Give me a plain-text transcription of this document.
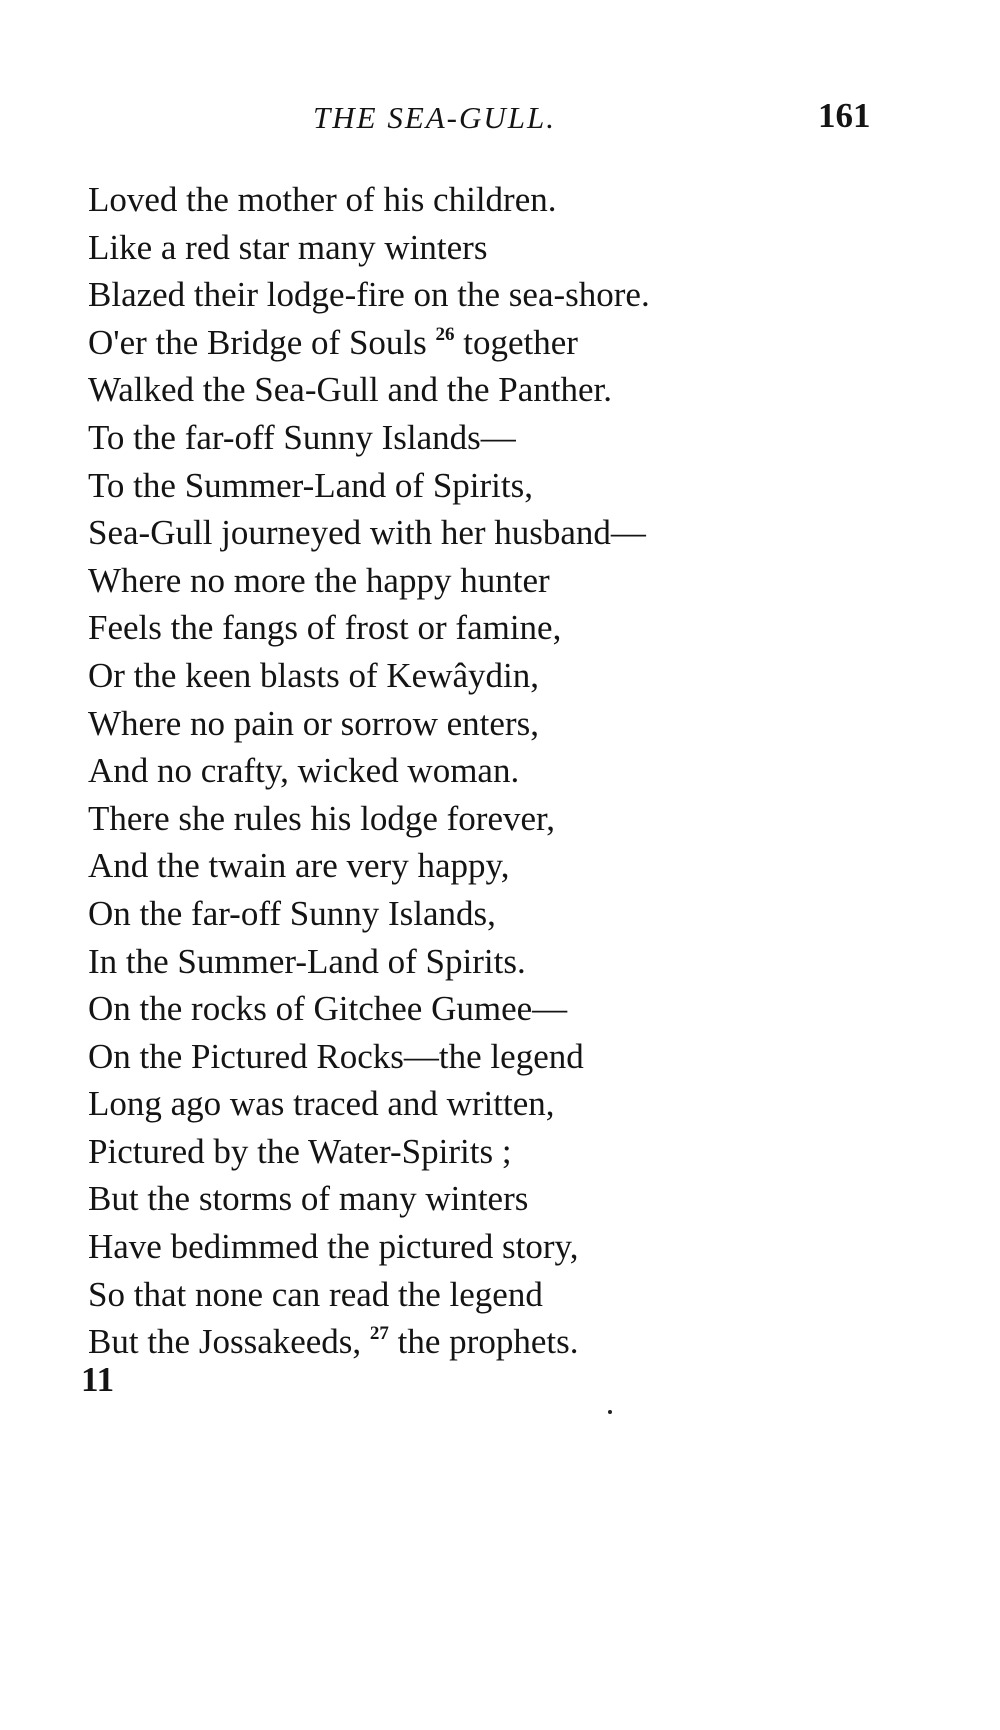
THE SEA-GULL.	161
Loved the mother of his children.
Like a red star many winters
Blazed their lodge-fire on the sea-shore.
O'er the Bridge of Souls $^{26}$ together
Walked the Sea-Gull and the Panther.
To the far-off Sunny Islands—
To the Summer-Land of Spirits,
Sea-Gull journeyed with her husband—
Where no more the happy hunter
Feels the fangs of frost or famine,
Or the keen blasts of Kewâydin,
Where no pain or sorrow enters,
And no crafty, wicked woman.
There she rules his lodge forever,
And the twain are very happy,
On the far-off Sunny Islands,
In the Summer-Land of Spirits.
On the rocks of Gitchee Gumee—
On the Pictured Rocks—the legend
Long ago was traced and written,
Pictured by the Water-Spirits ;
But the storms of many winters
Have bedimmed the pictured story,
So that none can read the legend
But the Jossakeeds, $^{27}$ the prophets.
11
